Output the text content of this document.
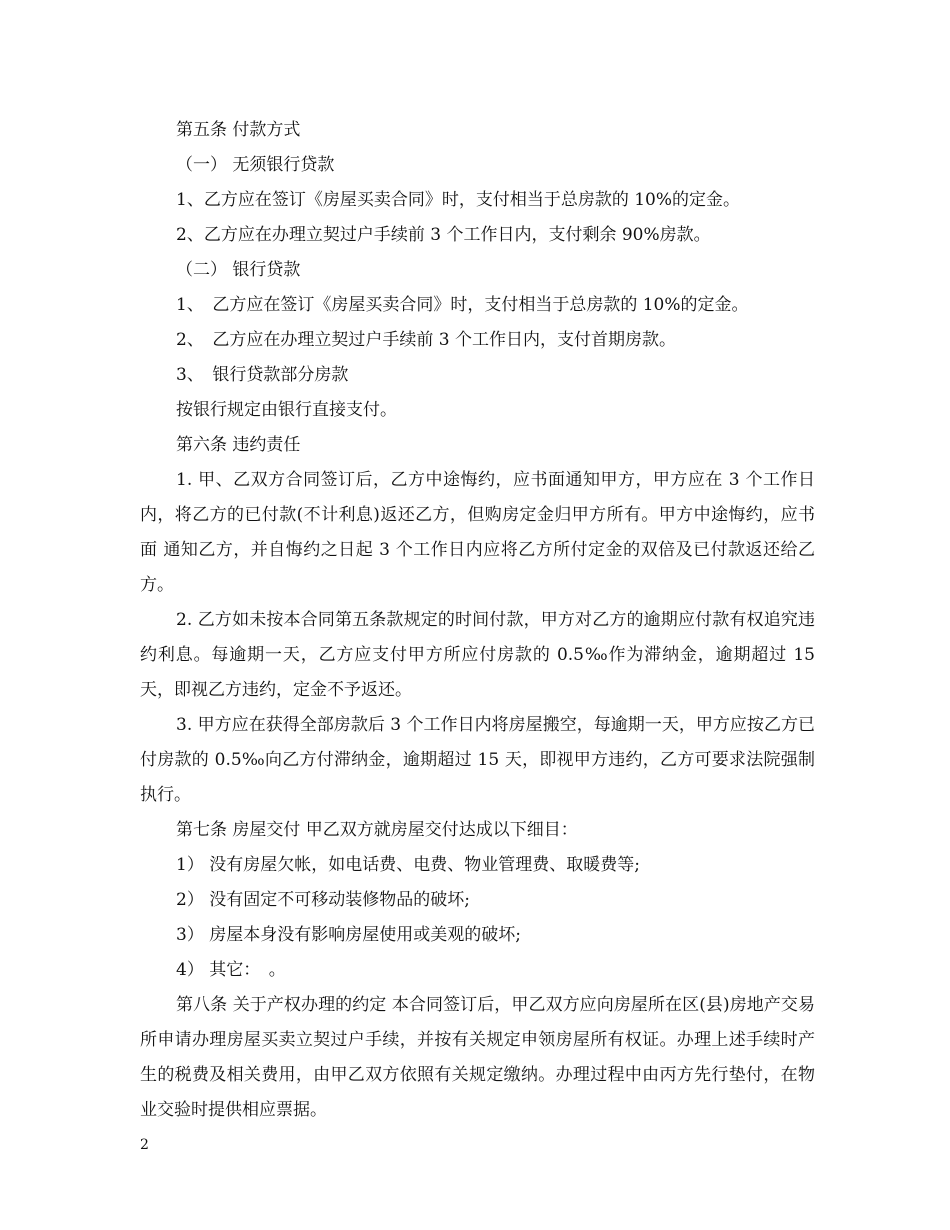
第五条 付款方式
（一） 无须银行贷款
1、乙方应在签订《房屋买卖合同》时，支付相当于总房款的 10%的定金。
2、乙方应在办理立契过户手续前 3 个工作日内，支付剩余 90%房款。
（二） 银行贷款
1、　乙方应在签订《房屋买卖合同》时，支付相当于总房款的 10%的定金。
2、　乙方应在办理立契过户手续前 3 个工作日内，支付首期房款。
3、　银行贷款部分房款
按银行规定由银行直接支付。
第六条 违约责任

1. 甲、乙双方合同签订后，乙方中途悔约，应书面通知甲方，甲方应在 3 个工作日内，将乙方的已付款(不计利息)返还乙方，但购房定金归甲方所有。甲方中途悔约，应书面 通知乙方，并自悔约之日起 3 个工作日内应将乙方所付定金的双倍及已付款返还给乙方。

2. 乙方如未按本合同第五条款规定的时间付款，甲方对乙方的逾期应付款有权追究违约利息。每逾期一天，乙方应支付甲方所应付房款的 0.5‰作为滞纳金，逾期超过 15 天，即视乙方违约，定金不予返还。

3. 甲方应在获得全部房款后 3 个工作日内将房屋搬空，每逾期一天，甲方应按乙方已付房款的 0.5‰向乙方付滞纳金，逾期超过 15 天，即视甲方违约，乙方可要求法院强制执行。

第七条 房屋交付 甲乙双方就房屋交付达成以下细目：
1） 没有房屋欠帐，如电话费、电费、物业管理费、取暖费等;
2） 没有固定不可移动装修物品的破坏;
3） 房屋本身没有影响房屋使用或美观的破坏;
4） 其它：　。

第八条 关于产权办理的约定 本合同签订后，甲乙双方应向房屋所在区(县)房地产交易所申请办理房屋买卖立契过户手续，并按有关规定申领房屋所有权证。办理上述手续时产生的税费及相关费用，由甲乙双方依照有关规定缴纳。办理过程中由丙方先行垫付，在物业交验时提供相应票据。

2
